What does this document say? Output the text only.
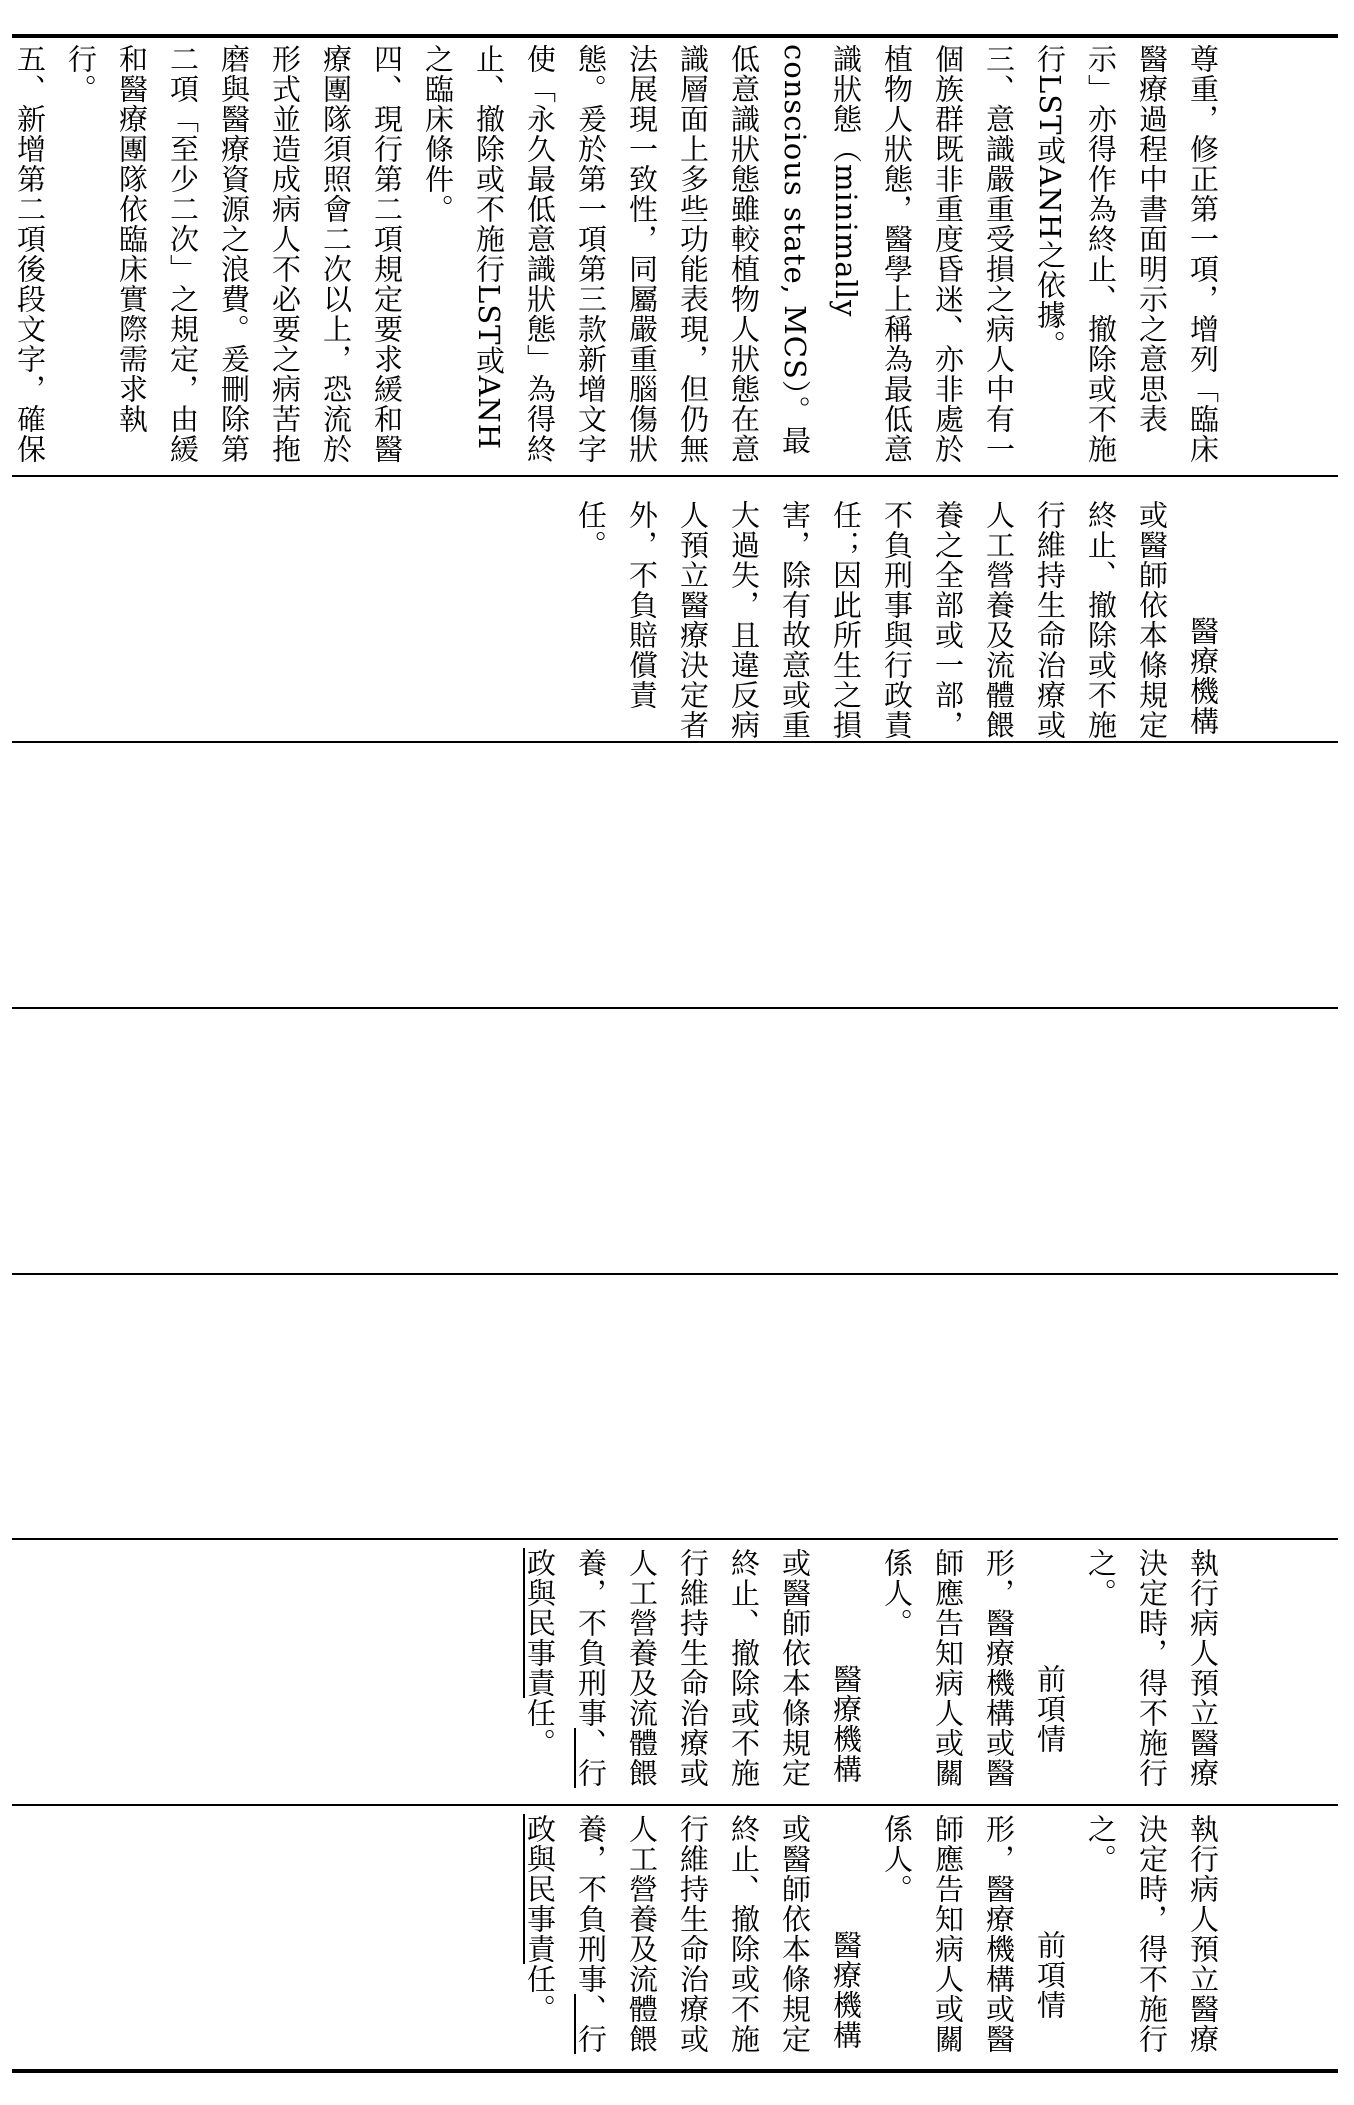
尊重，修正第一項，增列「臨床醫療過程中書面明示之意思表示」亦得作為終止、撤除或不施行LST或ANH之依據。
三、意識嚴重受損之病人中有一個族群既非重度昏迷、亦非處於植物人狀態，醫學上稱為最低意識狀態（minimally conscious state, MCS）。最低意識狀態雖較植物人狀態在意識層面上多些功能表現，但仍無法展現一致性，同屬嚴重腦傷狀態。爰於第一項第三款新增文字使「永久最低意識狀態」為得終止、撤除或不施行LST或ANH之臨床條件。
四、現行第二項規定要求緩和醫療團隊須照會二次以上，恐流於形式並造成病人不必要之病苦拖磨與醫療資源之浪費。爰刪除第二項「至少二次」之規定，由緩和醫療團隊依臨床實際需求執行。
五、新增第二項後段文字，確保

醫療機構或醫師依本條規定終止、撤除或不施行維持生命治療或人工營養及流體餵養之全部或一部，不負刑事與行政責任；因此所生之損害，除有故意或重大過失，且違反病人預立醫療決定者外，不負賠償責任。

執行病人預立醫療決定時，得不施行之。
前項情形，醫療機構或醫師應告知病人或關係人。
醫療機構或醫師依本條規定終止、撤除或不施行維持生命治療或人工營養及流體餵養，不負刑事、行政與民事責任。

執行病人預立醫療決定時，得不施行之。
前項情形，醫療機構或醫師應告知病人或關係人。
醫療機構或醫師依本條規定終止、撤除或不施行維持生命治療或人工營養及流體餵養，不負刑事、行政與民事責任。
